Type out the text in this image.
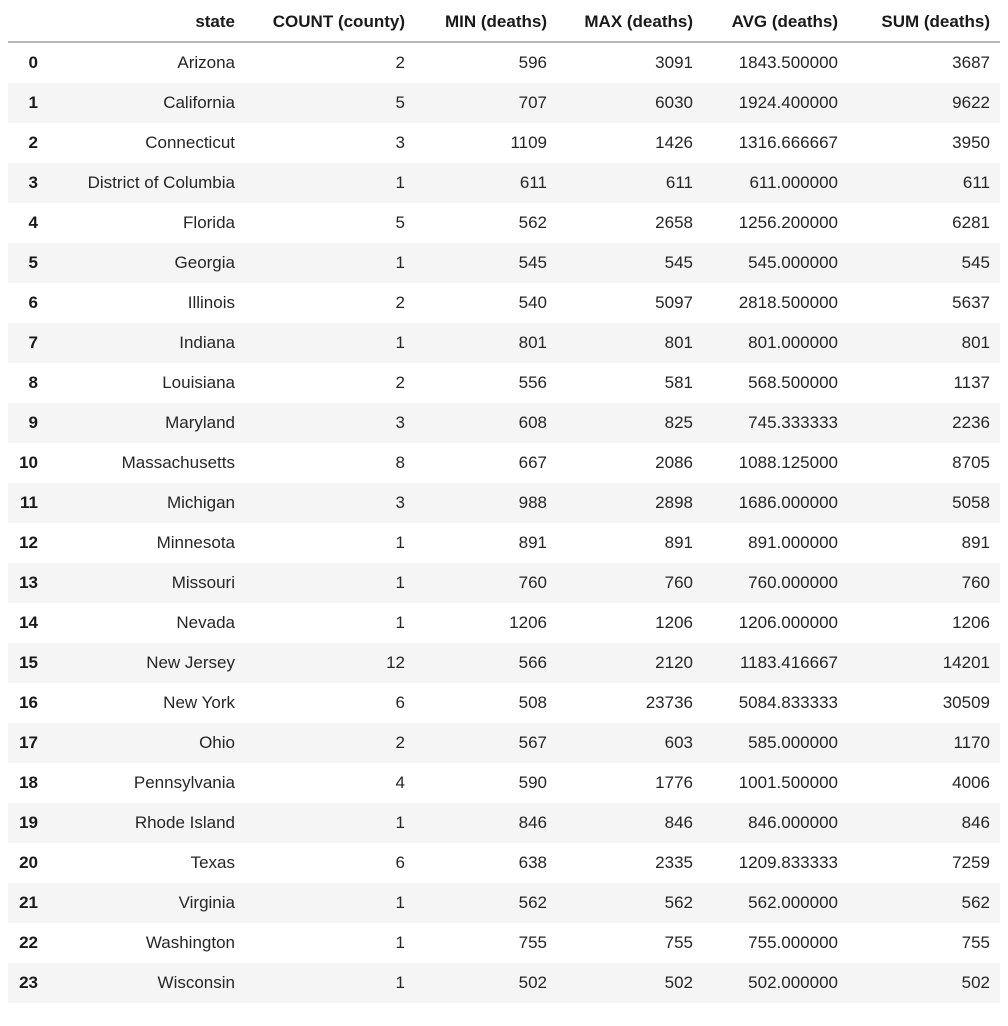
	state	COUNT (county)	MIN (deaths)	MAX (deaths)	AVG (deaths)	SUM (deaths)
0	Arizona	2	596	3091	1843.500000	3687
1	California	5	707	6030	1924.400000	9622
2	Connecticut	3	1109	1426	1316.666667	3950
3	District of Columbia	1	611	611	611.000000	611
4	Florida	5	562	2658	1256.200000	6281
5	Georgia	1	545	545	545.000000	545
6	Illinois	2	540	5097	2818.500000	5637
7	Indiana	1	801	801	801.000000	801
8	Louisiana	2	556	581	568.500000	1137
9	Maryland	3	608	825	745.333333	2236
10	Massachusetts	8	667	2086	1088.125000	8705
11	Michigan	3	988	2898	1686.000000	5058
12	Minnesota	1	891	891	891.000000	891
13	Missouri	1	760	760	760.000000	760
14	Nevada	1	1206	1206	1206.000000	1206
15	New Jersey	12	566	2120	1183.416667	14201
16	New York	6	508	23736	5084.833333	30509
17	Ohio	2	567	603	585.000000	1170
18	Pennsylvania	4	590	1776	1001.500000	4006
19	Rhode Island	1	846	846	846.000000	846
20	Texas	6	638	2335	1209.833333	7259
21	Virginia	1	562	562	562.000000	562
22	Washington	1	755	755	755.000000	755
23	Wisconsin	1	502	502	502.000000	502
